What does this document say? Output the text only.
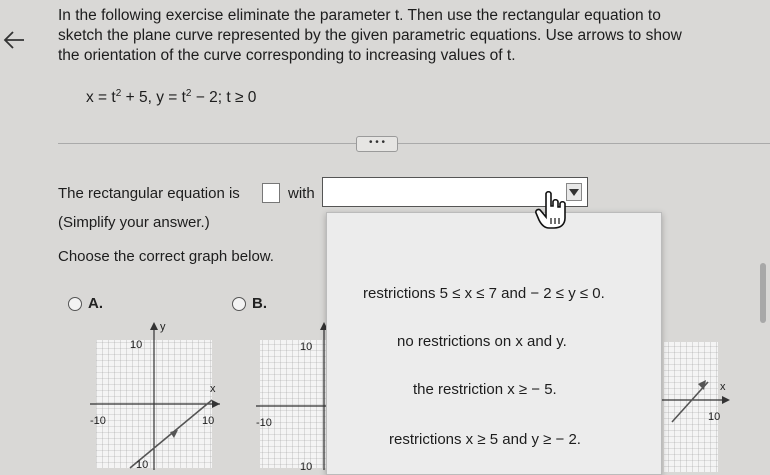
In the following exercise eliminate the parameter t. Then use the rectangular equation to
sketch the plane curve represented by the given parametric equations. Use arrows to show
the orientation of the curve corresponding to increasing values of t.
$x = t^2 + 5$, $y = t^2 - 2$; t ≥ 0
• • •
The rectangular equation is	with
(Simplify your answer.)
Choose the correct graph below.
A.	B.
y
x
10
-10	10
10
10
-10
10
x
10
restrictions 5 ≤ x ≤ 7 and − 2 ≤ y ≤ 0.
no restrictions on x and y.
the restriction x ≥ − 5.
restrictions x ≥ 5 and y ≥ − 2.
